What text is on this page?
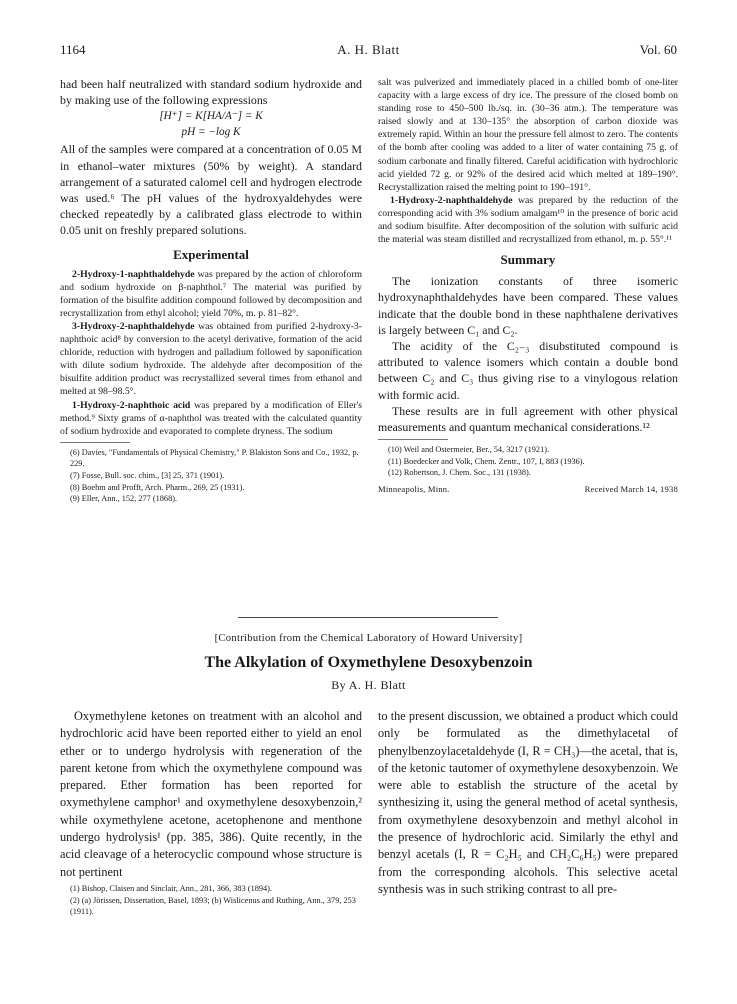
1164	A. H. Blatt	Vol. 60

had been half neutralized with standard sodium hydroxide and by making use of the following expressions

[H⁺] = K[HA/A⁻] = K
pH = −log K

All of the samples were compared at a concentration of 0.05 M in ethanol–water mixtures (50% by weight). A standard arrangement of a saturated calomel cell and hydrogen electrode was used.⁶ The pH values of the hydroxyaldehydes were checked repeatedly by a calibrated glass electrode to within 0.05 unit on freshly prepared solutions.

Experimental

2-Hydroxy-1-naphthaldehyde was prepared by the action of chloroform and sodium hydroxide on β-naphthol.⁷ The material was purified by formation of the bisulfite addition compound followed by decomposition and recrystallization from ethyl alcohol; yield 70%, m. p. 81–82°.

3-Hydroxy-2-naphthaldehyde was obtained from purified 2-hydroxy-3-naphthoic acid⁸ by conversion to the acetyl derivative, formation of the acid chloride, reduction with hydrogen and palladium followed by saponification with dilute sodium hydroxide. The aldehyde after decomposition of the bisulfite addition product was recrystallized several times from ethanol and melted at 98–98.5°.

1-Hydroxy-2-naphthoic acid was prepared by a modification of Eller's method.⁹ Sixty grams of α-naphthol was treated with the calculated quantity of sodium hydroxide and evaporated to complete dryness. The sodium

(6) Davies, "Fundamentals of Physical Chemistry," P. Blakiston Sons and Co., 1932, p. 229.

(7) Fosse, Bull. soc. chim., [3] 25, 371 (1901).

(8) Boehm and Profft, Arch. Pharm., 269, 25 (1931).

(9) Eller, Ann., 152, 277 (1868).

salt was pulverized and immediately placed in a chilled bomb of one-liter capacity with a large excess of dry ice. The pressure of the closed bomb on standing rose to 450–500 lb./sq. in. (30–36 atm.). The temperature was raised slowly and at 130–135° the absorption of carbon dioxide was extremely rapid. Within an hour the pressure fell almost to zero. The contents of the bomb after cooling was added to a liter of water containing 75 g. of sodium carbonate and finally filtered. Careful acidification with hydrochloric acid yielded 72 g. or 92% of the desired acid which melted at 189–190°. Recrystallization raised the melting point to 190–191°.

1-Hydroxy-2-naphthaldehyde was prepared by the reduction of the corresponding acid with 3% sodium amalgam¹⁰ in the presence of boric acid and sodium bisulfite. After decomposition of the solution with sulfuric acid the material was steam distilled and recrystallized from ethanol, m. p. 55°.¹¹

Summary

The ionization constants of three isomeric hydroxynaphthaldehydes have been compared. These values indicate that the double bond in these naphthalene derivatives is largely between C₁ and C₂.

The acidity of the C₂₋₃ disubstituted compound is attributed to valence isomers which contain a double bond between C₂ and C₃ thus giving rise to a vinylogous relation with formic acid.

These results are in full agreement with other physical measurements and quantum mechanical considerations.¹²

(10) Weil and Ostermeier, Ber., 54, 3217 (1921).

(11) Boedecker and Volk, Chem. Zentr., 107, I, 883 (1936).

(12) Robertson, J. Chem. Soc., 131 (1938).

Minneapolis, Minn.	Received March 14, 1938
[Contribution from the Chemical Laboratory of Howard University]
The Alkylation of Oxymethylene Desoxybenzoin
By A. H. Blatt

Oxymethylene ketones on treatment with an alcohol and hydrochloric acid have been reported either to yield an enol ether or to undergo hydrolysis with regeneration of the parent ketone from which the oxymethylene compound was prepared. Ether formation has been reported for oxymethylene camphor¹ and oxymethylene desoxybenzoin,² while oxymethylene acetone, acetophenone and menthone undergo hydrolysis¹ (pp. 385, 386). Quite recently, in the acid cleavage of a heterocyclic compound whose structure is not pertinent

(1) Bishop, Claisen and Sinclair, Ann., 281, 366, 383 (1894).

(2) (a) Jörissen, Dissertation, Basel, 1893; (b) Wislicenus and Ruthing, Ann., 379, 253 (1911).

to the present discussion, we obtained a product which could only be formulated as the dimethylacetal of phenylbenzoylacetaldehyde (I, R = CH₃)—the acetal, that is, of the ketonic tautomer of oxymethylene desoxybenzoin. We were able to establish the structure of the acetal by synthesizing it, using the general method of acetal synthesis, from oxymethylene desoxybenzoin and methyl alcohol in the presence of hydrochloric acid. Similarly the ethyl and benzyl acetals (I, R = C₂H₅ and CH₂C₆H₅) were prepared from the corresponding alcohols. This selective acetal synthesis was in such striking contrast to all pre-
